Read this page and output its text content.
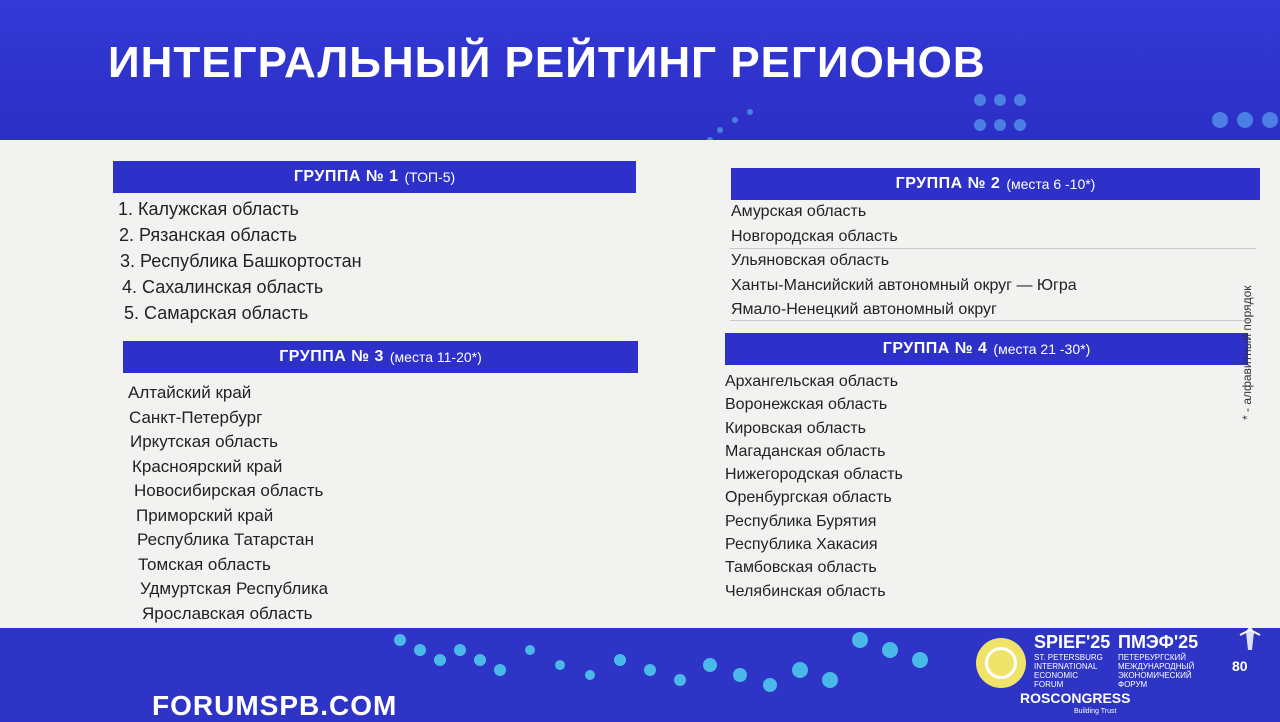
ИНТЕГРАЛЬНЫЙ РЕЙТИНГ РЕГИОНОВ
ГРУППА № 1 (ТОП-5)
1. Калужская область
2. Рязанская область
3. Республика Башкортостан
4. Сахалинская область
5. Самарская область
ГРУППА № 2 (места 6 -10*)
Амурская область
Новгородская область
Ульяновская область
Ханты-Мансийский автономный округ — Югра
Ямало-Ненецкий автономный округ
ГРУППА № 3 (места 11-20*)
Алтайский край
Санкт-Петербург
Иркутская область
Красноярский край
Новосибирская область
Приморский край
Республика Татарстан
Томская область
Удмуртская Республика
Ярославская область
ГРУППА № 4 (места 21 -30*)
Архангельская область
Воронежская область
Кировская область
Магаданская область
Нижегородская область
Оренбургская область
Республика Бурятия
Республика Хакасия
Тамбовская область
Челябинская область
* - алфавитный порядок
FORUMSPB.COM
SPIEF'25
ST. PETERSBURG
INTERNATIONAL
ECONOMIC
FORUM
ПМЭФ'25
ПЕТЕРБУРГСКИЙ
МЕЖДУНАРОДНЫЙ
ЭКОНОМИЧЕСКИЙ
ФОРУМ
ROSCONGRESS
Building Trust
80
